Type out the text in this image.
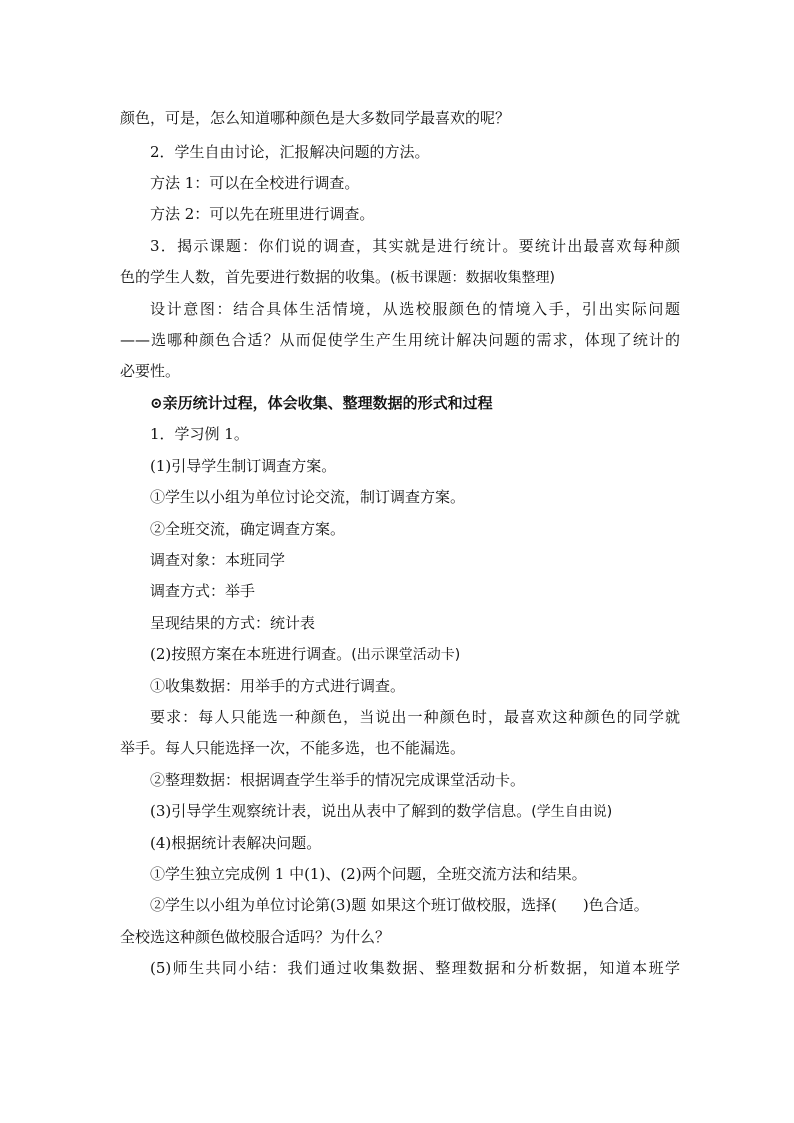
颜色，可是，怎么知道哪种颜色是大多数同学最喜欢的呢？
2．学生自由讨论，汇报解决问题的方法。
方法 1：可以在全校进行调查。
方法 2：可以先在班里进行调查。
3．揭示课题：你们说的调查，其实就是进行统计。要统计出最喜欢每种颜
色的学生人数，首先要进行数据的收集。(板书课题：数据收集整理)
设计意图：结合具体生活情境，从选校服颜色的情境入手，引出实际问题
——选哪种颜色合适？从而促使学生产生用统计解决问题的需求，体现了统计的
必要性。
⊙亲历统计过程，体会收集、整理数据的形式和过程
1．学习例 1。
(1)引导学生制订调查方案。
①学生以小组为单位讨论交流，制订调查方案。
②全班交流，确定调查方案。
调查对象：本班同学
调查方式：举手
呈现结果的方式：统计表
(2)按照方案在本班进行调查。(出示课堂活动卡)
①收集数据：用举手的方式进行调查。
要求：每人只能选一种颜色，当说出一种颜色时，最喜欢这种颜色的同学就
举手。每人只能选择一次，不能多选，也不能漏选。
②整理数据：根据调查学生举手的情况完成课堂活动卡。
(3)引导学生观察统计表，说出从表中了解到的数学信息。(学生自由说)
(4)根据统计表解决问题。
①学生独立完成例 1 中(1)、(2)两个问题，全班交流方法和结果。
②学生以小组为单位讨论第(3)题 如果这个班订做校服，选择( )色合适。
全校选这种颜色做校服合适吗？为什么？
(5)师生共同小结：我们通过收集数据、整理数据和分析数据，知道本班学
